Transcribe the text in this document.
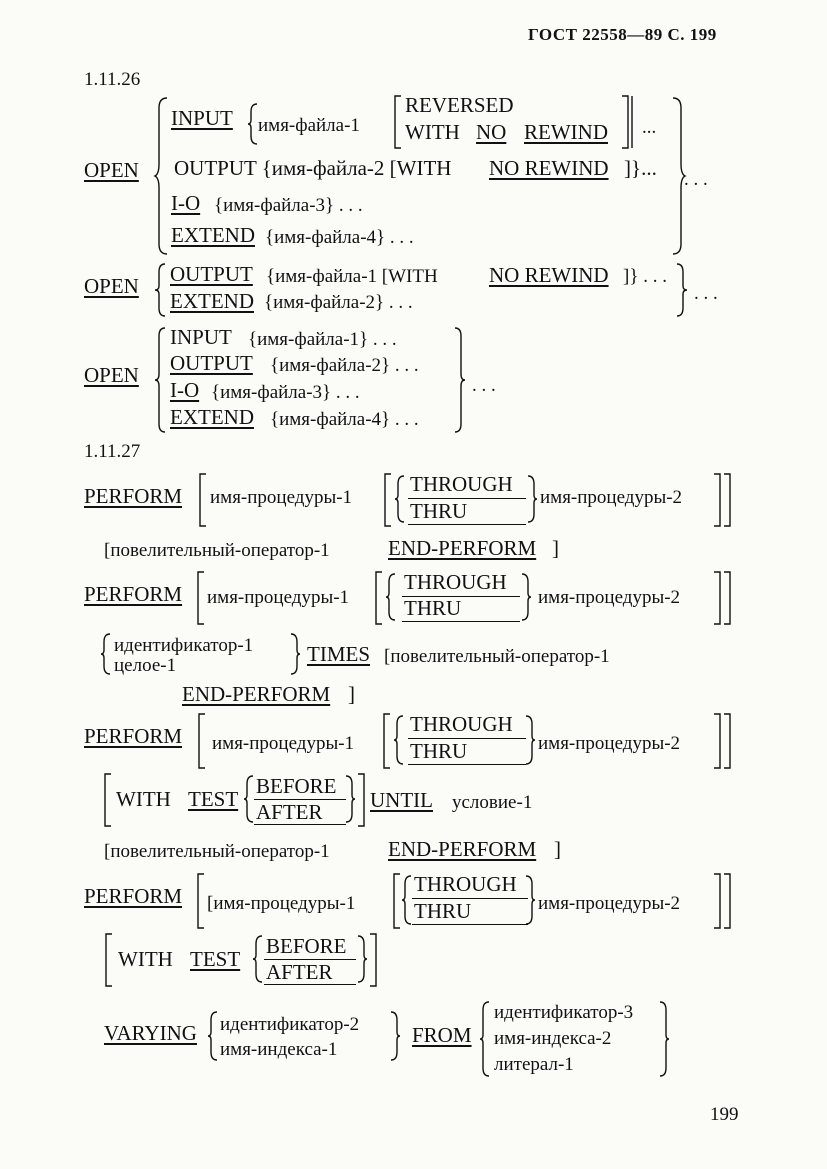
ГОСТ 22558—89 С. 199
1.11.26
OPEN
INPUT имя-файла-1
REVERSED
WITH NO REWIND ...
OUTPUT {имя-файла-2 [WITH NO REWIND ]}...
I-O {имя-файла-3} . . .
EXTEND {имя-файла-4} . . .
. . .
OPEN OUTPUT {имя-файла-1 [WITH NO REWIND ]} . . .
EXTEND {имя-файла-2} . . .	. . .
OPEN
INPUT {имя-файла-1} . . .
OUTPUT {имя-файла-2} . . .
I-O {имя-файла-3} . . .
EXTEND {имя-файла-4} . . .
. . .
1.11.27
PERFORM имя-процедуры-1
THROUGH
THRU
имя-процедуры-2
[повелительный-оператор-1	END-PERFORM ]
PERFORM имя-процедуры-1
THROUGH
THRU	имя-процедуры-2
идентификатор-1
целое-1	TIMES [повелительный-оператор-1
END-PERFORM ]
PERFORM имя-процедуры-1
THROUGH
THRU	имя-процедуры-2
WITH TEST
BEFORE
AFTER UNTIL условие-1
[повелительный-оператор-1	END-PERFORM ]
PERFORM [имя-процедуры-1
THROUGH
THRU	имя-процедуры-2
WITH TEST
BEFORE
AFTER
VARYING идентификатор-2
имя-индекса-1
FROM
идентификатор-3
имя-индекса-2
литерал-1
199
